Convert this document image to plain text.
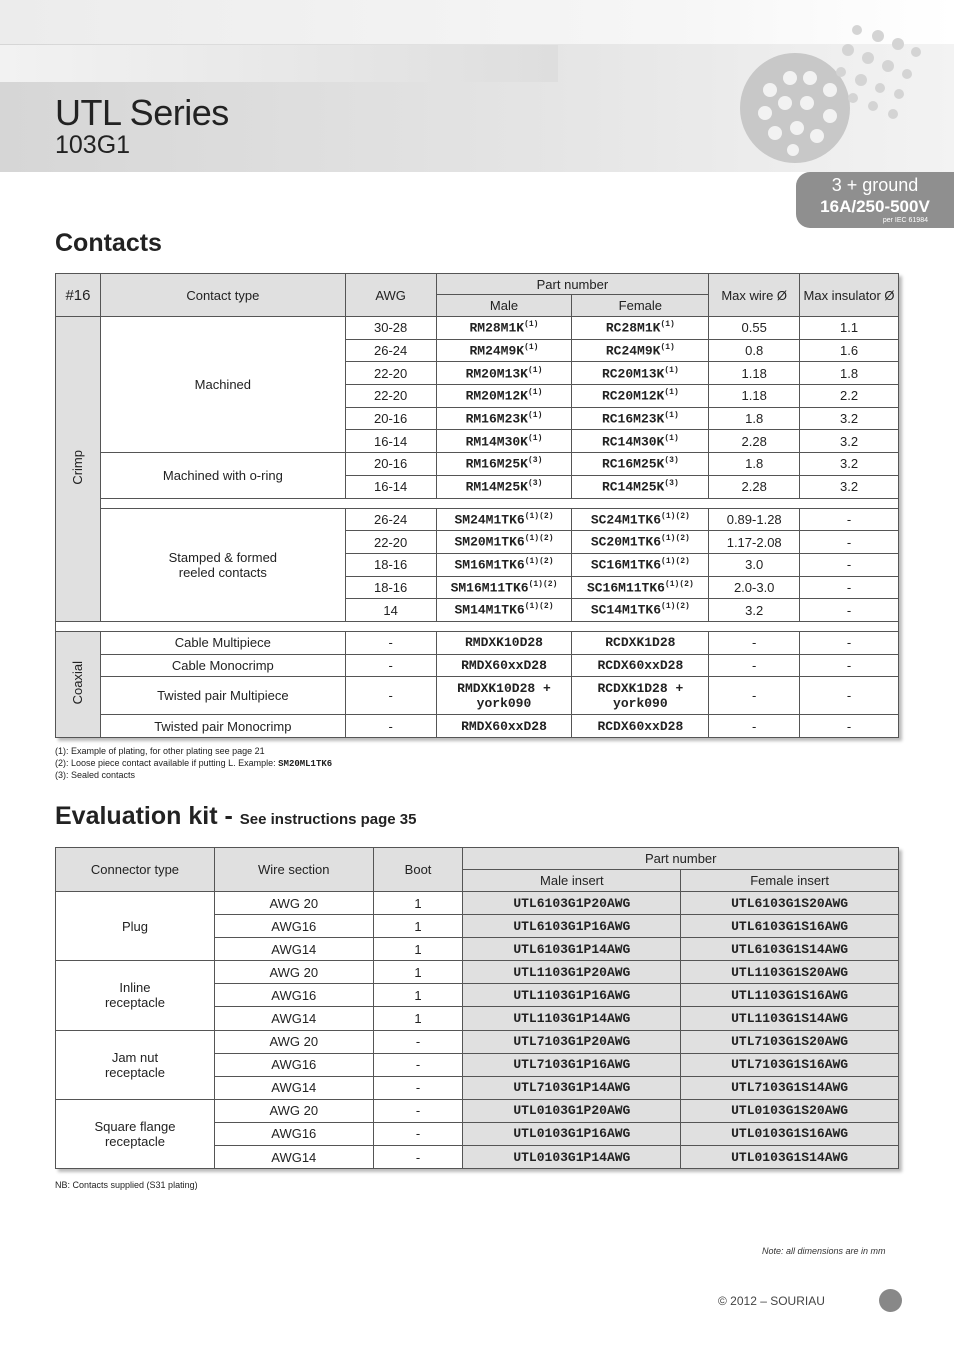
UTL Series
103G1
3 + ground
16A/250-500V
per IEC 61984
Contacts
#16	Contact type	AWG	Part number		Max wire Ø	Max insulator Ø
			Male	Female		
Crimp	Machined	30-28	$RM28M1K^{(1)}$	$RC28M1K^{(1)}$	0.55	1.1
		26-24	$RM24M9K^{(1)}$	$RC24M9K^{(1)}$	0.8	1.6
		22-20	$RM20M13K^{(1)}$	$RC20M13K^{(1)}$	1.18	1.8
		22-20	$RM20M12K^{(1)}$	$RC20M12K^{(1)}$	1.18	2.2
		20-16	$RM16M23K^{(1)}$	$RC16M23K^{(1)}$	1.8	3.2
		16-14	$RM14M30K^{(1)}$	$RC14M30K^{(1)}$	2.28	3.2
	Machined with o-ring	20-16	$RM16M25K^{(3)}$	$RC16M25K^{(3)}$	1.8	3.2
		16-14	$RM14M25K^{(3)}$	$RC14M25K^{(3)}$	2.28	3.2

	Stamped & formed reeled contacts	26-24	$SM24M1TK6^{(1)(2)}$	$SC24M1TK6^{(1)(2)}$	0.89-1.28	-
		22-20	$SM20M1TK6^{(1)(2)}$	$SC20M1TK6^{(1)(2)}$	1.17-2.08	-
		18-16	$SM16M1TK6^{(1)(2)}$	$SC16M1TK6^{(1)(2)}$	3.0	-
		18-16	$SM16M11TK6^{(1)(2)}$	$SC16M11TK6^{(1)(2)}$	2.0-3.0	-
		14	$SM14M1TK6^{(1)(2)}$	$SC14M1TK6^{(1)(2)}$	3.2	-

Coaxial	Cable Multipiece	-	RMDXK10D28	RCDXK1D28	-	-
	Cable Monocrimp	-	RMDX60xxD28	RCDX60xxD28	-	-
	Twisted pair Multipiece	-	RMDXK10D28 + york090	RCDXK1D28 + york090	-	-
	Twisted pair Monocrimp	-	RMDX60xxD28	RCDX60xxD28	-	-
(1): Example of plating, for other plating see page 21
(2): Loose piece contact available if putting L. Example: SM20ML1TK6
(3): Sealed contacts
Evaluation kit - See instructions page 35
Connector type	Wire section	Boot	Part number	
			Male insert	Female insert
Plug	AWG 20	1	UTL6103G1P20AWG	UTL6103G1S20AWG
	AWG16	1	UTL6103G1P16AWG	UTL6103G1S16AWG
	AWG14	1	UTL6103G1P14AWG	UTL6103G1S14AWG
Inline receptacle	AWG 20	1	UTL1103G1P20AWG	UTL1103G1S20AWG
	AWG16	1	UTL1103G1P16AWG	UTL1103G1S16AWG
	AWG14	1	UTL1103G1P14AWG	UTL1103G1S14AWG
Jam nut receptacle	AWG 20	-	UTL7103G1P20AWG	UTL7103G1S20AWG
	AWG16	-	UTL7103G1P16AWG	UTL7103G1S16AWG
	AWG14	-	UTL7103G1P14AWG	UTL7103G1S14AWG
Square flange receptacle	AWG 20	-	UTL0103G1P20AWG	UTL0103G1S20AWG
	AWG16	-	UTL0103G1P16AWG	UTL0103G1S16AWG
	AWG14	-	UTL0103G1P14AWG	UTL0103G1S14AWG
NB: Contacts supplied (S31 plating)
Note: all dimensions are in mm
© 2012 – SOURIAU
